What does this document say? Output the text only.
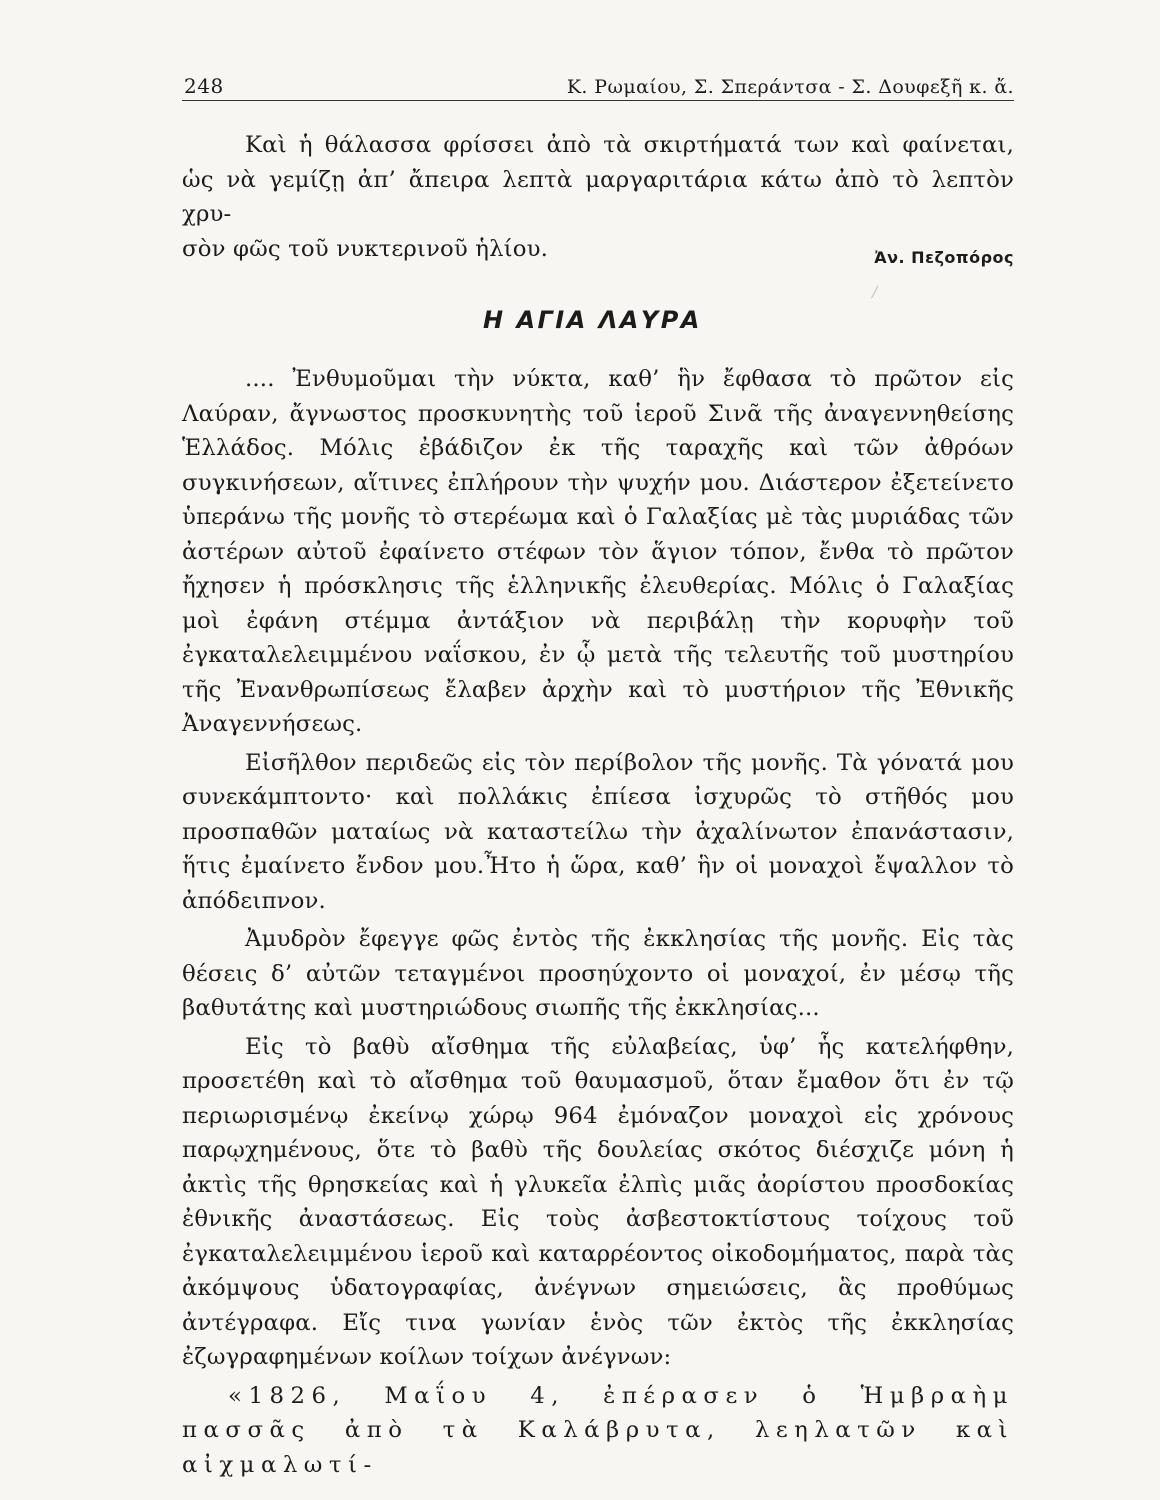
248	Κ. Ρωμαίου, Σ. Σπεράντσα - Σ. Δουφεξῆ κ. ἄ.
Καὶ ἡ θάλασσα φρίσσει ἀπὸ τὰ σκιρτήματά των καὶ φαίνεται,
ὡς νὰ γεμίζῃ ἀπ’ ἄπειρα λεπτὰ μαργαριτάρια κάτω ἀπὸ τὸ λεπτὸν χρυ-
σὸν φῶς τοῦ νυκτερινοῦ ἡλίου.	Ἀν. Πεζοπόρος
Η ΑΓΙΑ ΛΑΥΡΑ

.... Ἐνθυμοῦμαι τὴν νύκτα, καθ’ ἣν ἔφθασα τὸ πρῶτον εἰς Λαύραν, ἄγνωστος προσκυνητὴς τοῦ ἱεροῦ Σινᾶ τῆς ἀναγεννηθείσης Ἑλλάδος. Μόλις ἐβάδιζον ἐκ τῆς ταραχῆς καὶ τῶν ἀθρόων συγκινήσεων, αἵτινες ἐπλήρουν τὴν ψυχήν μου. Διάστερον ἐξετείνετο ὑπεράνω τῆς μονῆς τὸ στερέωμα καὶ ὁ Γαλαξίας μὲ τὰς μυριάδας τῶν ἀστέρων αὐτοῦ ἐφαίνετο στέφων τὸν ἅγιον τόπον, ἔνθα τὸ πρῶτον ἤχησεν ἡ πρόσκλησις τῆς ἑλληνικῆς ἐλευθερίας. Μόλις ὁ Γαλαξίας μοὶ ἐφάνη στέμμα ἀντάξιον νὰ περιβάλῃ τὴν κορυφὴν τοῦ ἐγκαταλελειμμένου ναΐσκου, ἐν ᾧ μετὰ τῆς τελευτῆς τοῦ μυστηρίου τῆς Ἐνανθρωπίσεως ἔλαβεν ἀρχὴν καὶ τὸ μυστήριον τῆς Ἐθνικῆς Ἀναγεννήσεως.

Εἰσῆλθον περιδεῶς εἰς τὸν περίβολον τῆς μονῆς. Τὰ γόνατά μου συνεκάμπτοντο· καὶ πολλάκις ἐπίεσα ἰσχυρῶς τὸ στῆθός μου προσπαθῶν ματαίως νὰ καταστείλω τὴν ἀχαλίνωτον ἐπανάστασιν, ἥτις ἐμαίνετο ἔνδον μου.Ἦτο ἡ ὥρα, καθ’ ἣν οἱ μοναχοὶ ἔψαλλον τὸ ἀπόδειπνον.

Ἀμυδρὸν ἔφεγγε φῶς ἐντὸς τῆς ἐκκλησίας τῆς μονῆς. Εἰς τὰς θέσεις δ’ αὐτῶν τεταγμένοι προσηύχοντο οἱ μοναχοί, ἐν μέσῳ τῆς βαθυτάτης καὶ μυστηριώδους σιωπῆς τῆς ἐκκλησίας...

Εἰς τὸ βαθὺ αἴσθημα τῆς εὐλαβείας, ὑφ’ ἧς κατελήφθην, προσετέθη καὶ τὸ αἴσθημα τοῦ θαυμασμοῦ, ὅταν ἔμαθον ὅτι ἐν τῷ περιωρισμένῳ ἐκείνῳ χώρῳ 964 ἐμόναζον μοναχοὶ εἰς χρόνους παρῳχημένους, ὅτε τὸ βαθὺ τῆς δουλείας σκότος διέσχιζε μόνη ἡ ἀκτὶς τῆς θρησκείας καὶ ἡ γλυκεῖα ἐλπὶς μιᾶς ἀορίστου προσδοκίας ἐθνικῆς ἀναστάσεως. Εἰς τοὺς ἀσβεστοκτίστους τοίχους τοῦ ἐγκαταλελειμμένου ἱεροῦ καὶ καταρρέοντος οἰκοδομήματος, παρὰ τὰς ἀκόμψους ὑδατογραφίας, ἀνέγνων σημειώσεις, ἃς προθύμως ἀντέγραφα. Εἴς τινα γωνίαν ἑνὸς τῶν ἐκτὸς τῆς ἐκκλησίας ἐζωγραφημένων κοίλων τοίχων ἀνέγνων:

«1826, Μαΐου 4, ἐπέρασεν ὁ Ἡμβραὴμ πασσᾶς ἀπὸ τὰ Καλάβρυτα, λεηλατῶν καὶ αἰχμαλωτί-
